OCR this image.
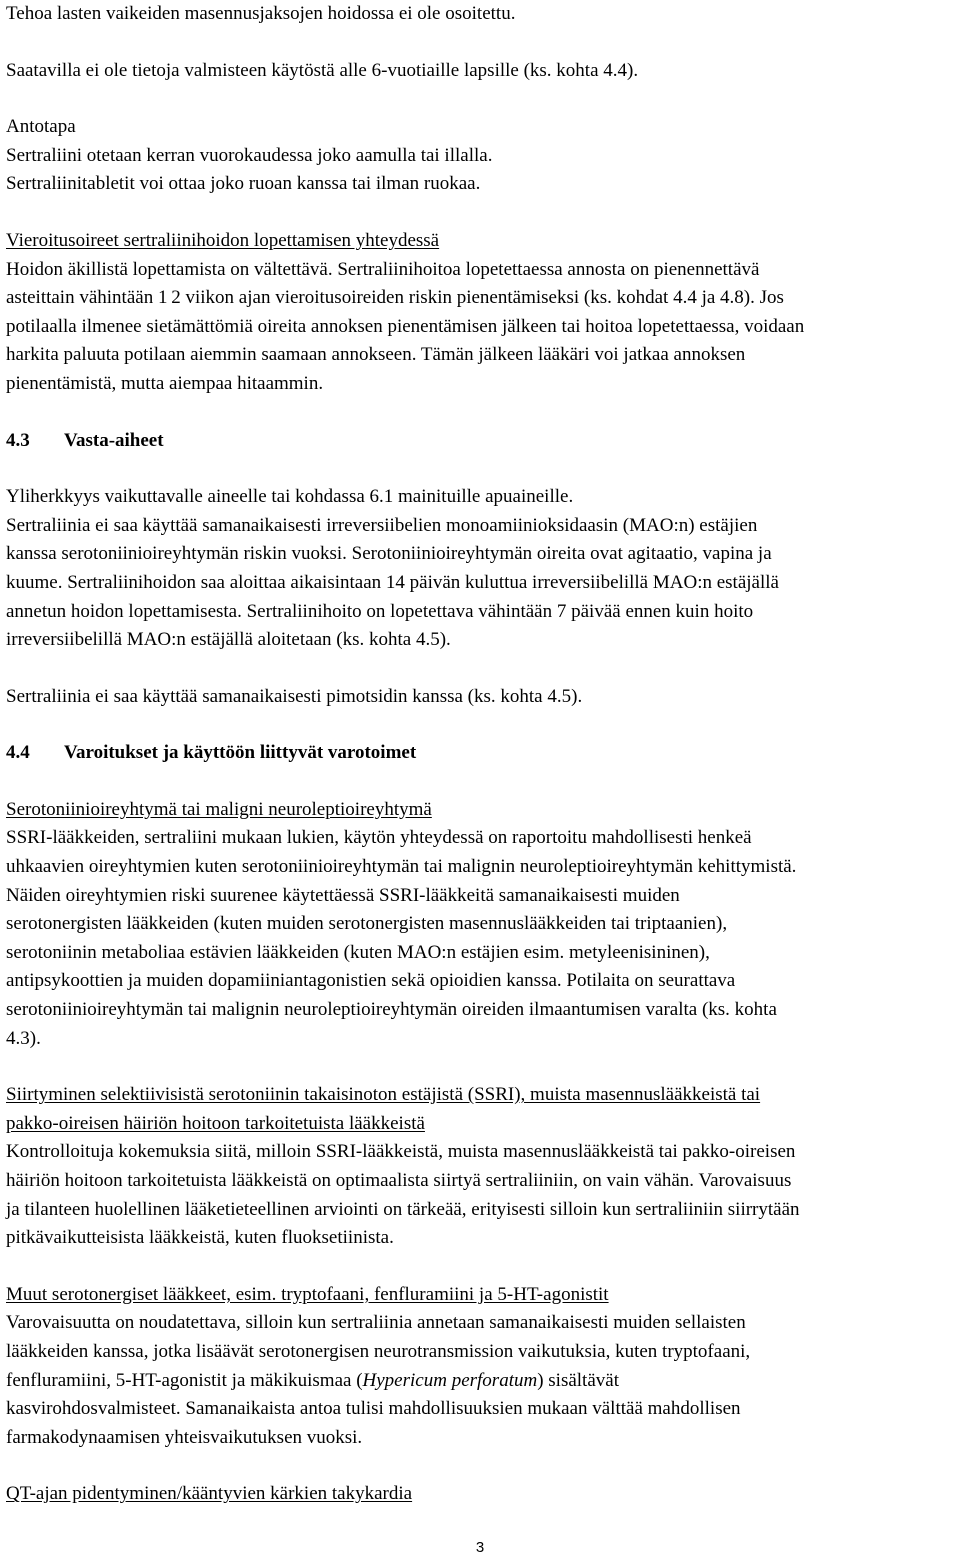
Tehoa lasten vaikeiden masennusjaksojen hoidossa ei ole osoitettu.

Saatavilla ei ole tietoja valmisteen käytöstä alle 6-vuotiaille lapsille (ks. kohta 4.4).

Antotapa

Sertraliini otetaan kerran vuorokaudessa joko aamulla tai illalla.

Sertraliinitabletit voi ottaa joko ruoan kanssa tai ilman ruokaa.

Vieroitusoireet sertraliinihoidon lopettamisen yhteydessä

Hoidon äkillistä lopettamista on vältettävä. Sertraliinihoitoa lopetettaessa annosta on pienennettävä

asteittain vähintään 1 2 viikon ajan vieroitusoireiden riskin pienentämiseksi (ks. kohdat 4.4 ja 4.8). Jos

potilaalla ilmenee sietämättömiä oireita annoksen pienentämisen jälkeen tai hoitoa lopetettaessa, voidaan

harkita paluuta potilaan aiemmin saamaan annokseen. Tämän jälkeen lääkäri voi jatkaa annoksen

pienentämistä, mutta aiempaa hitaammin.

4.3 Vasta-aiheet

Yliherkkyys vaikuttavalle aineelle tai kohdassa 6.1 mainituille apuaineille.

Sertraliinia ei saa käyttää samanaikaisesti irreversiibelien monoamiinioksidaasin (MAO:n) estäjien

kanssa serotoniinioireyhtymän riskin vuoksi. Serotoniinioireyhtymän oireita ovat agitaatio, vapina ja

kuume. Sertraliinihoidon saa aloittaa aikaisintaan 14 päivän kuluttua irreversiibelillä MAO:n estäjällä

annetun hoidon lopettamisesta. Sertraliinihoito on lopetettava vähintään 7 päivää ennen kuin hoito

irreversiibelillä MAO:n estäjällä aloitetaan (ks. kohta 4.5).

Sertraliinia ei saa käyttää samanaikaisesti pimotsidin kanssa (ks. kohta 4.5).

4.4 Varoitukset ja käyttöön liittyvät varotoimet

Serotoniinioireyhtymä tai maligni neuroleptioireyhtymä

SSRI-lääkkeiden, sertraliini mukaan lukien, käytön yhteydessä on raportoitu mahdollisesti henkeä

uhkaavien oireyhtymien kuten serotoniinioireyhtymän tai malignin neuroleptioireyhtymän kehittymistä.

Näiden oireyhtymien riski suurenee käytettäessä SSRI-lääkkeitä samanaikaisesti muiden

serotonergisten lääkkeiden (kuten muiden serotonergisten masennuslääkkeiden tai triptaanien),

serotoniinin metaboliaa estävien lääkkeiden (kuten MAO:n estäjien esim. metyleenisininen),

antipsykoottien ja muiden dopamiiniantagonistien sekä opioidien kanssa. Potilaita on seurattava

serotoniinioireyhtymän tai malignin neuroleptioireyhtymän oireiden ilmaantumisen varalta (ks. kohta

4.3).

Siirtyminen selektiivisistä serotoniinin takaisinoton estäjistä (SSRI), muista masennuslääkkeistä tai

pakko-oireisen häiriön hoitoon tarkoitetuista lääkkeistä

Kontrolloituja kokemuksia siitä, milloin SSRI-lääkkeistä, muista masennuslääkkeistä tai pakko-oireisen

häiriön hoitoon tarkoitetuista lääkkeistä on optimaalista siirtyä sertraliiniin, on vain vähän. Varovaisuus

ja tilanteen huolellinen lääketieteellinen arviointi on tärkeää, erityisesti silloin kun sertraliiniin siirrytään

pitkävaikutteisista lääkkeistä, kuten fluoksetiinista.

Muut serotonergiset lääkkeet, esim. tryptofaani, fenfluramiini ja 5-HT-agonistit

Varovaisuutta on noudatettava, silloin kun sertraliinia annetaan samanaikaisesti muiden sellaisten

lääkkeiden kanssa, jotka lisäävät serotonergisen neurotransmission vaikutuksia, kuten tryptofaani,

fenfluramiini, 5-HT-agonistit ja mäkikuismaa (Hypericum perforatum) sisältävät

kasvirohdosvalmisteet. Samanaikaista antoa tulisi mahdollisuuksien mukaan välttää mahdollisen

farmakodynaamisen yhteisvaikutuksen vuoksi.

QT-ajan pidentyminen/kääntyvien kärkien takykardia

3
